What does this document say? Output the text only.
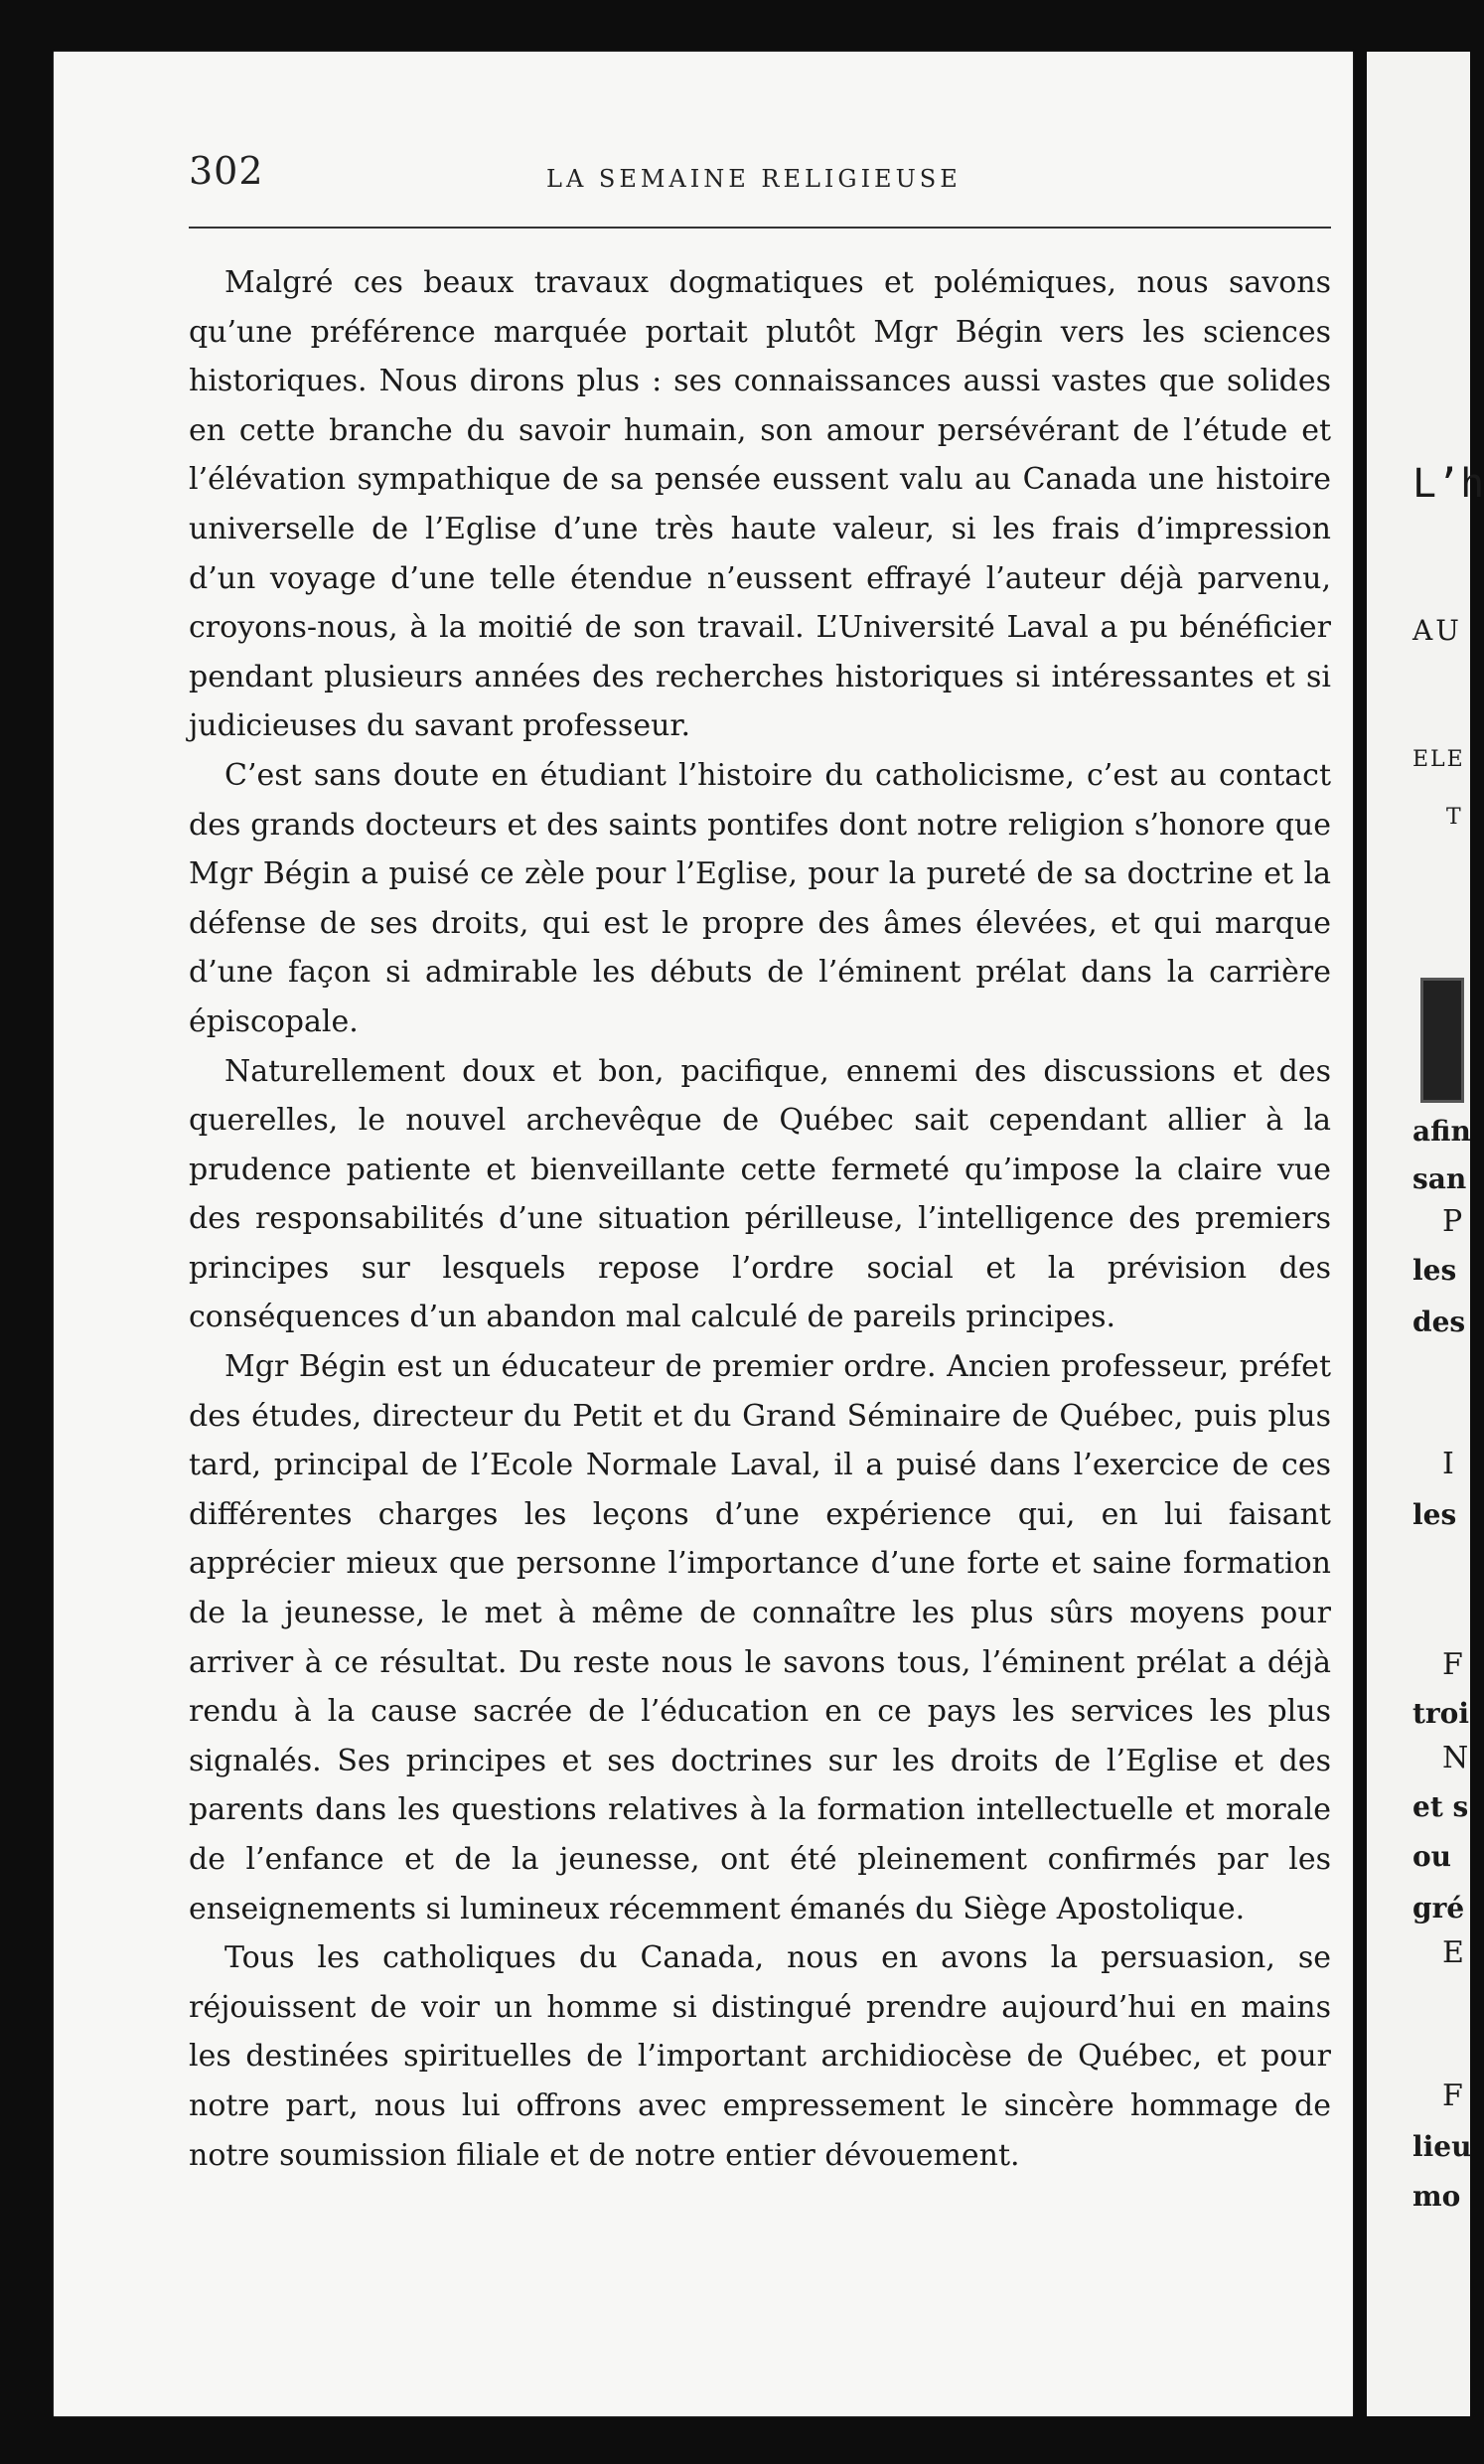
302	LA SEMAINE RELIGIEUSE

Malgré ces beaux travaux dogmatiques et polémiques, nous savons qu’une préférence marquée portait plutôt Mgr Bégin vers les sciences historiques. Nous dirons plus : ses connaissances aussi vastes que solides en cette branche du savoir humain, son amour persévérant de l’étude et l’élévation sympathique de sa pensée eussent valu au Canada une histoire universelle de l’Eglise d’une très haute valeur, si les frais d’impression d’un voyage d’une telle étendue n’eussent effrayé l’auteur déjà parvenu, croyons-nous, à la moitié de son travail. L’Université Laval a pu bénéficier pendant plusieurs années des recherches historiques si intéressantes et si judicieuses du savant professeur.

C’est sans doute en étudiant l’histoire du catholicisme, c’est au contact des grands docteurs et des saints pontifes dont notre religion s’honore que Mgr Bégin a puisé ce zèle pour l’Eglise, pour la pureté de sa doctrine et la défense de ses droits, qui est le propre des âmes élevées, et qui marque d’une façon si admirable les débuts de l’éminent prélat dans la carrière épiscopale.

Naturellement doux et bon, pacifique, ennemi des discussions et des querelles, le nouvel archevêque de Québec sait cependant allier à la prudence patiente et bienveillante cette fermeté qu’impose la claire vue des responsabilités d’une situation périlleuse, l’intelligence des premiers principes sur lesquels repose l’ordre social et la prévision des conséquences d’un abandon mal calculé de pareils principes.

Mgr Bégin est un éducateur de premier ordre. Ancien professeur, préfet des études, directeur du Petit et du Grand Séminaire de Québec, puis plus tard, principal de l’Ecole Normale Laval, il a puisé dans l’exercice de ces différentes charges les leçons d’une expérience qui, en lui faisant apprécier mieux que personne l’importance d’une forte et saine formation de la jeunesse, le met à même de connaître les plus sûrs moyens pour arriver à ce résultat. Du reste nous le savons tous, l’éminent prélat a déjà rendu à la cause sacrée de l’éducation en ce pays les services les plus signalés. Ses principes et ses doctrines sur les droits de l’Eglise et des parents dans les questions relatives à la formation intellectuelle et morale de l’enfance et de la jeunesse, ont été pleinement confirmés par les enseignements si lumineux récemment émanés du Siège Apostolique.

Tous les catholiques du Canada, nous en avons la persuasion, se réjouissent de voir un homme si distingué prendre aujourd’hui en mains les destinées spirituelles de l’important archidiocèse de Québec, et pour notre part, nous lui offrons avec empressement le sincère hommage de notre soumission filiale et de notre entier dévouement.

L’h
AU
ELE
T
afin
san
P
les
des
I
les
F
troi
N
et s
ou
gré
E
F
lieu
mo
